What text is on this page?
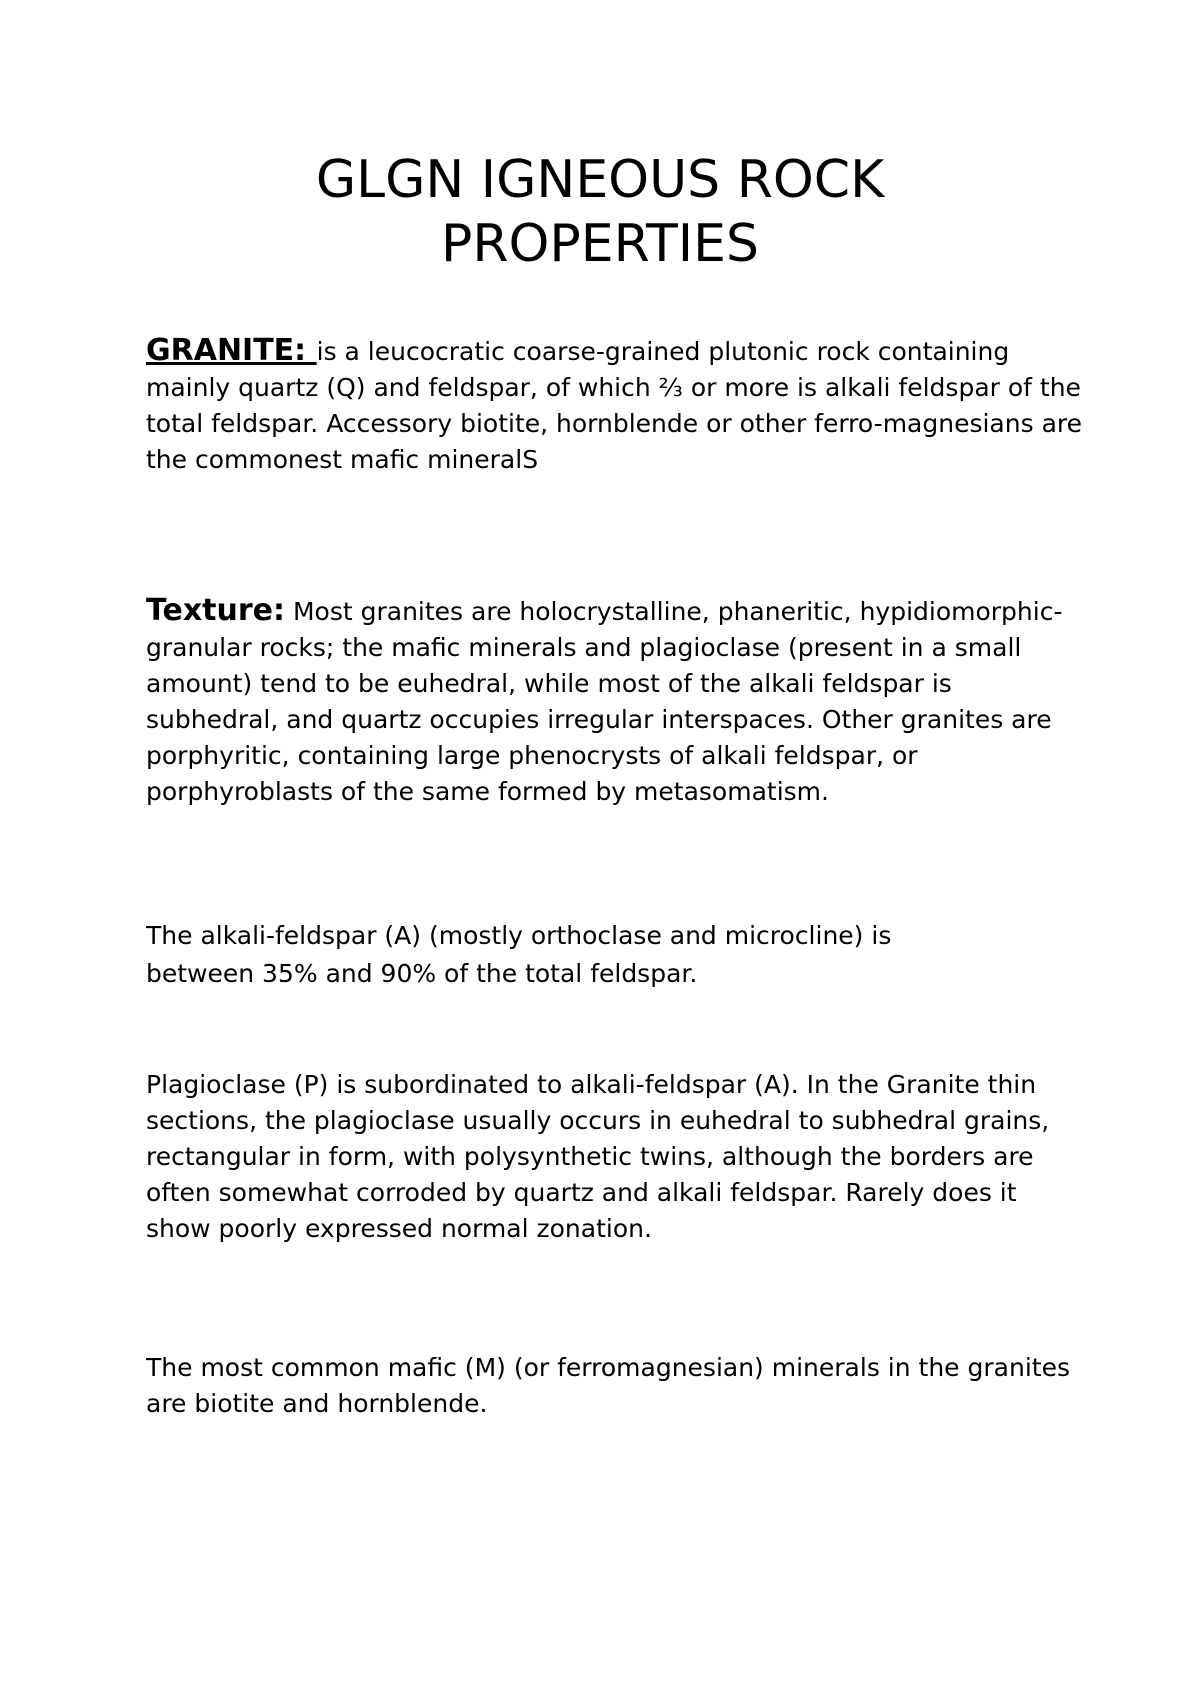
GLGN IGNEOUS ROCK
PROPERTIES

GRANITE: is a leucocratic coarse-grained plutonic rock containing mainly quartz (Q) and feldspar, of which ⅔ or more is alkali feldspar of the total feldspar. Accessory biotite, hornblende or other ferro-magnesians are the commonest mafic mineralS

Texture: Most granites are holocrystalline, phaneritic, hypidiomorphic-granular rocks; the mafic minerals and plagioclase (present in a small amount) tend to be euhedral, while most of the alkali feldspar is subhedral, and quartz occupies irregular interspaces. Other granites are porphyritic, containing large phenocrysts of alkali feldspar, or porphyroblasts of the same formed by metasomatism.

The alkali-feldspar (A) (mostly orthoclase and microcline) is
between 35% and 90% of the total feldspar.

Plagioclase (P) is subordinated to alkali-feldspar (A). In the Granite thin sections, the plagioclase usually occurs in euhedral to subhedral grains, rectangular in form, with polysynthetic twins, although the borders are often somewhat corroded by quartz and alkali feldspar. Rarely does it show poorly expressed normal zonation.

The most common mafic (M) (or ferromagnesian) minerals in the granites are biotite and hornblende.
